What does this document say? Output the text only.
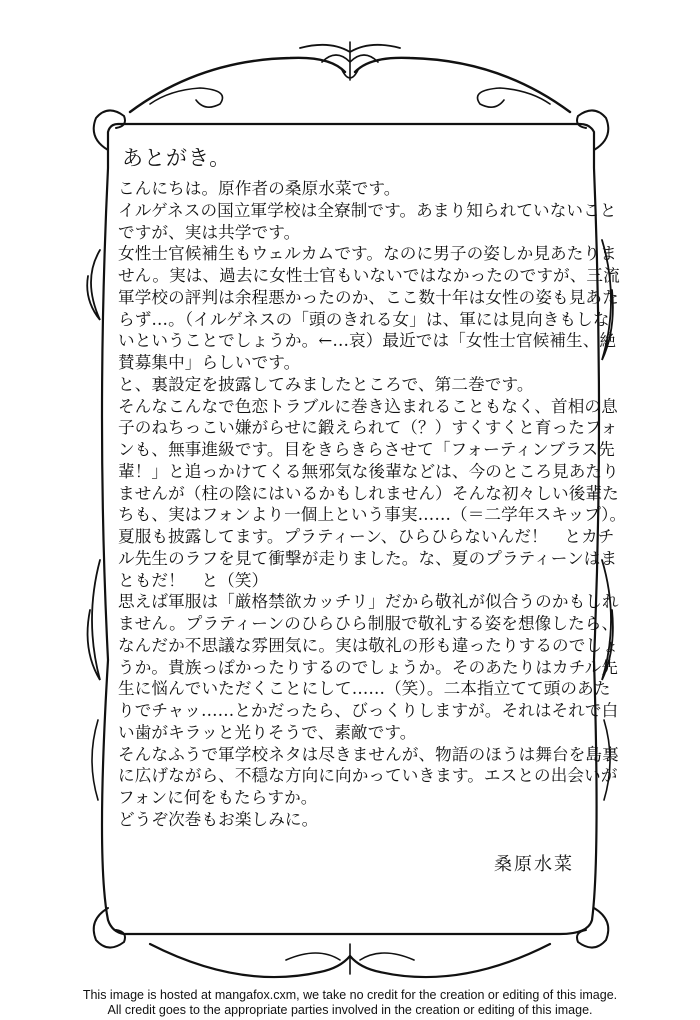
あとがき。
こんにちは。原作者の桑原水菜です。
イルゲネスの国立軍学校は全寮制です。あまり知られていないこと
ですが、実は共学です。
女性士官候補生もウェルカムです。なのに男子の姿しか見あたりま
せん。実は、過去に女性士官もいないではなかったのですが、三流
軍学校の評判は余程悪かったのか、ここ数十年は女性の姿も見あた
らず…。（イルゲネスの「頭のきれる女」は、軍には見向きもしな
いということでしょうか。←…哀）最近では「女性士官候補生、絶
賛募集中」らしいです。
と、裏設定を披露してみましたところで、第二巻です。
そんなこんなで色恋トラブルに巻き込まれることもなく、首相の息
子のねちっこい嫌がらせに鍛えられて（？）すくすくと育ったフォ
ンも、無事進級です。目をきらきらさせて「フォーティンブラス先
輩！」と追っかけてくる無邪気な後輩などは、今のところ見あたり
ませんが（柱の陰にはいるかもしれません）そんな初々しい後輩た
ちも、実はフォンより一個上という事実……（＝二学年スキップ）。
夏服も披露してます。プラティーン、ひらひらないんだ！　とカチ
ル先生のラフを見て衝撃が走りました。な、夏のプラティーンはま
ともだ！　と（笑）
思えば軍服は「厳格禁欲カッチリ」だから敬礼が似合うのかもしれ
ません。プラティーンのひらひら制服で敬礼する姿を想像したら、
なんだか不思議な雰囲気に。実は敬礼の形も違ったりするのでしょ
うか。貴族っぽかったりするのでしょうか。そのあたりはカチル先
生に悩んでいただくことにして……（笑）。二本指立てて頭のあた
りでチャッ……とかだったら、びっくりしますが。それはそれで白
い歯がキラッと光りそうで、素敵です。
そんなふうで軍学校ネタは尽きませんが、物語のほうは舞台を島裏
に広げながら、不穏な方向に向かっていきます。エスとの出会いが
フォンに何をもたらすか。
どうぞ次巻もお楽しみに。
桑原水菜
This image is hosted at mangafox.cxm, we take no credit for the creation or editing of this image.
All credit goes to the appropriate parties involved in the creation or editing of this image.
